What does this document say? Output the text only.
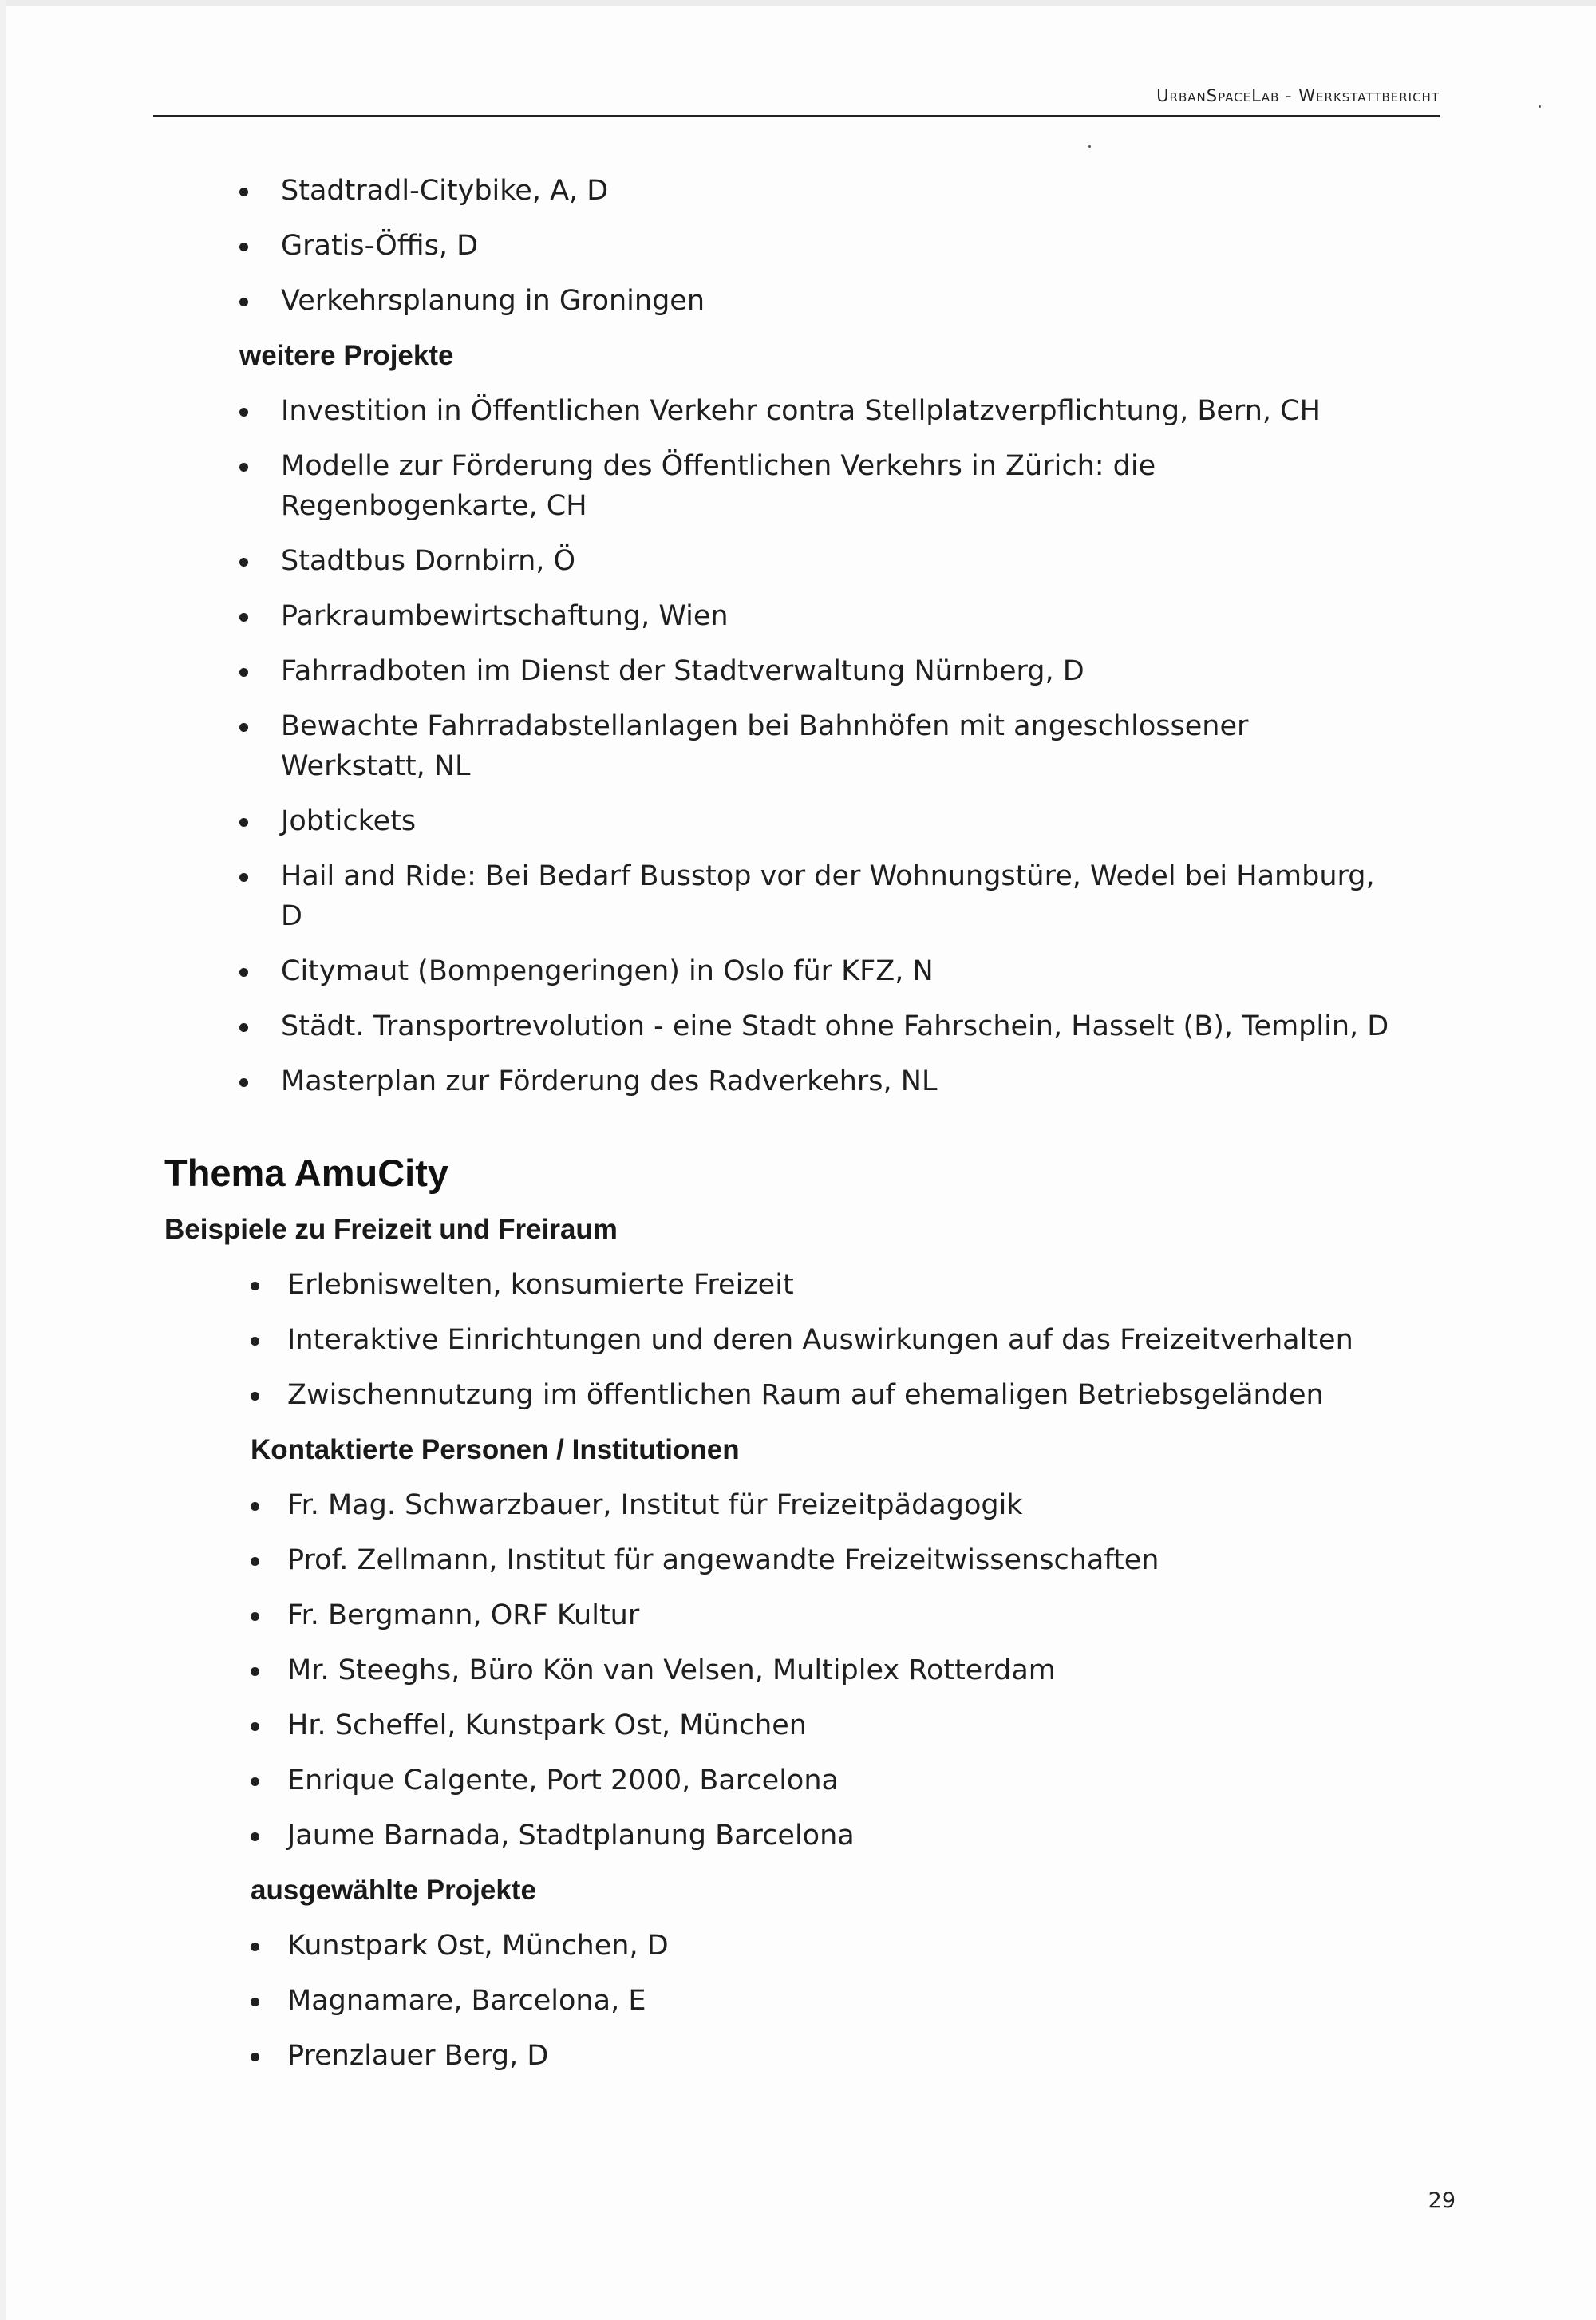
UrbanSpaceLab - Werkstattbericht
Stadtradl-Citybike, A, D
Gratis-Öffis, D
Verkehrsplanung in Groningen
weitere Projekte
Investition in Öffentlichen Verkehr contra Stellplatzverpflichtung, Bern, CH
Modelle zur Förderung des Öffentlichen Verkehrs in Zürich: die Regenbogenkarte, CH
Stadtbus Dornbirn, Ö
Parkraumbewirtschaftung, Wien
Fahrradboten im Dienst der Stadtverwaltung Nürnberg, D
Bewachte Fahrradabstellanlagen bei Bahnhöfen mit angeschlossener Werkstatt, NL
Jobtickets
Hail and Ride: Bei Bedarf Busstop vor der Wohnungstüre, Wedel bei Hamburg, D
Citymaut (Bompengeringen) in Oslo für KFZ, N
Städt. Transportrevolution - eine Stadt ohne Fahrschein, Hasselt (B), Templin, D
Masterplan zur Förderung des Radverkehrs, NL
Thema AmuCity
Beispiele zu Freizeit und Freiraum
Erlebniswelten, konsumierte Freizeit
Interaktive Einrichtungen und deren Auswirkungen auf das Freizeitverhalten
Zwischennutzung im öffentlichen Raum auf ehemaligen Betriebsgeländen
Kontaktierte Personen / Institutionen
Fr. Mag. Schwarzbauer, Institut für Freizeitpädagogik
Prof. Zellmann, Institut für angewandte Freizeitwissenschaften
Fr. Bergmann, ORF Kultur
Mr. Steeghs, Büro Kön van Velsen, Multiplex Rotterdam
Hr. Scheffel, Kunstpark Ost, München
Enrique Calgente, Port 2000, Barcelona
Jaume Barnada, Stadtplanung Barcelona
ausgewählte Projekte
Kunstpark Ost, München, D
Magnamare, Barcelona, E
Prenzlauer Berg, D
29
